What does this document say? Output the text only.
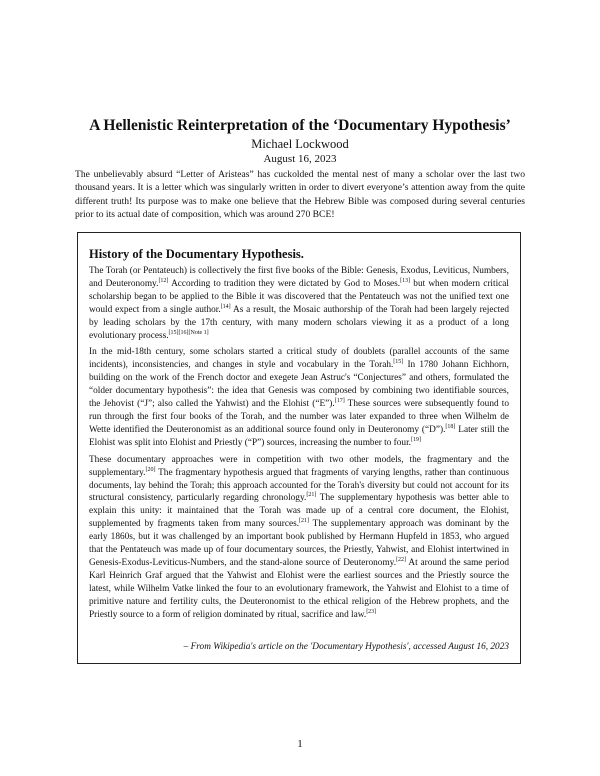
A Hellenistic Reinterpretation of the ‘Documentary Hypothesis’
Michael Lockwood
August 16, 2023

The unbelievably absurd “Letter of Aristeas” has cuckolded the mental nest of many a scholar over the last two thousand years. It is a letter which was singularly written in order to divert everyone’s attention away from the quite different truth! Its purpose was to make one believe that the Hebrew Bible was composed during several centuries prior to its actual date of composition, which was around 270 BCE!

History of the Documentary Hypothesis.

The Torah (or Pentateuch) is collectively the first five books of the Bible: Genesis, Exodus, Leviticus, Numbers, and Deuteronomy.[12] According to tradition they were dictated by God to Moses.[13] but when modern critical scholarship began to be applied to the Bible it was discovered that the Pentateuch was not the unified text one would expect from a single author.[14] As a result, the Mosaic authorship of the Torah had been largely rejected by leading scholars by the 17th century, with many modern scholars viewing it as a product of a long evolutionary process.[15][16][Note 1]

In the mid-18th century, some scholars started a critical study of doublets (parallel accounts of the same incidents), inconsistencies, and changes in style and vocabulary in the Torah.[15] In 1780 Johann Eichhorn, building on the work of the French doctor and exegete Jean Astruc's “Conjectures” and others, formulated the “older documentary hypothesis”: the idea that Genesis was composed by combining two identifiable sources, the Jehovist (“J”; also called the Yahwist) and the Elohist (“E”).[17] These sources were subsequently found to run through the first four books of the Torah, and the number was later expanded to three when Wilhelm de Wette identified the Deuteronomist as an additional source found only in Deuteronomy (“D”).[18] Later still the Elohist was split into Elohist and Priestly (“P”) sources, increasing the number to four.[19]

These documentary approaches were in competition with two other models, the fragmentary and the supplementary.[20] The fragmentary hypothesis argued that fragments of varying lengths, rather than continuous documents, lay behind the Torah; this approach accounted for the Torah's diversity but could not account for its structural consistency, particularly regarding chronology.[21] The supplementary hypothesis was better able to explain this unity: it maintained that the Torah was made up of a central core document, the Elohist, supplemented by fragments taken from many sources.[21] The supplementary approach was dominant by the early 1860s, but it was challenged by an important book published by Hermann Hupfeld in 1853, who argued that the Pentateuch was made up of four documentary sources, the Priestly, Yahwist, and Elohist intertwined in Genesis-Exodus-Leviticus-Numbers, and the stand-alone source of Deuteronomy.[22] At around the same period Karl Heinrich Graf argued that the Yahwist and Elohist were the earliest sources and the Priestly source the latest, while Wilhelm Vatke linked the four to an evolutionary framework, the Yahwist and Elohist to a time of primitive nature and fertility cults, the Deuteronomist to the ethical religion of the Hebrew prophets, and the Priestly source to a form of religion dominated by ritual, sacrifice and law.[23]

– From Wikipedia's article on the 'Documentary Hypothesis', accessed August 16, 2023
1
